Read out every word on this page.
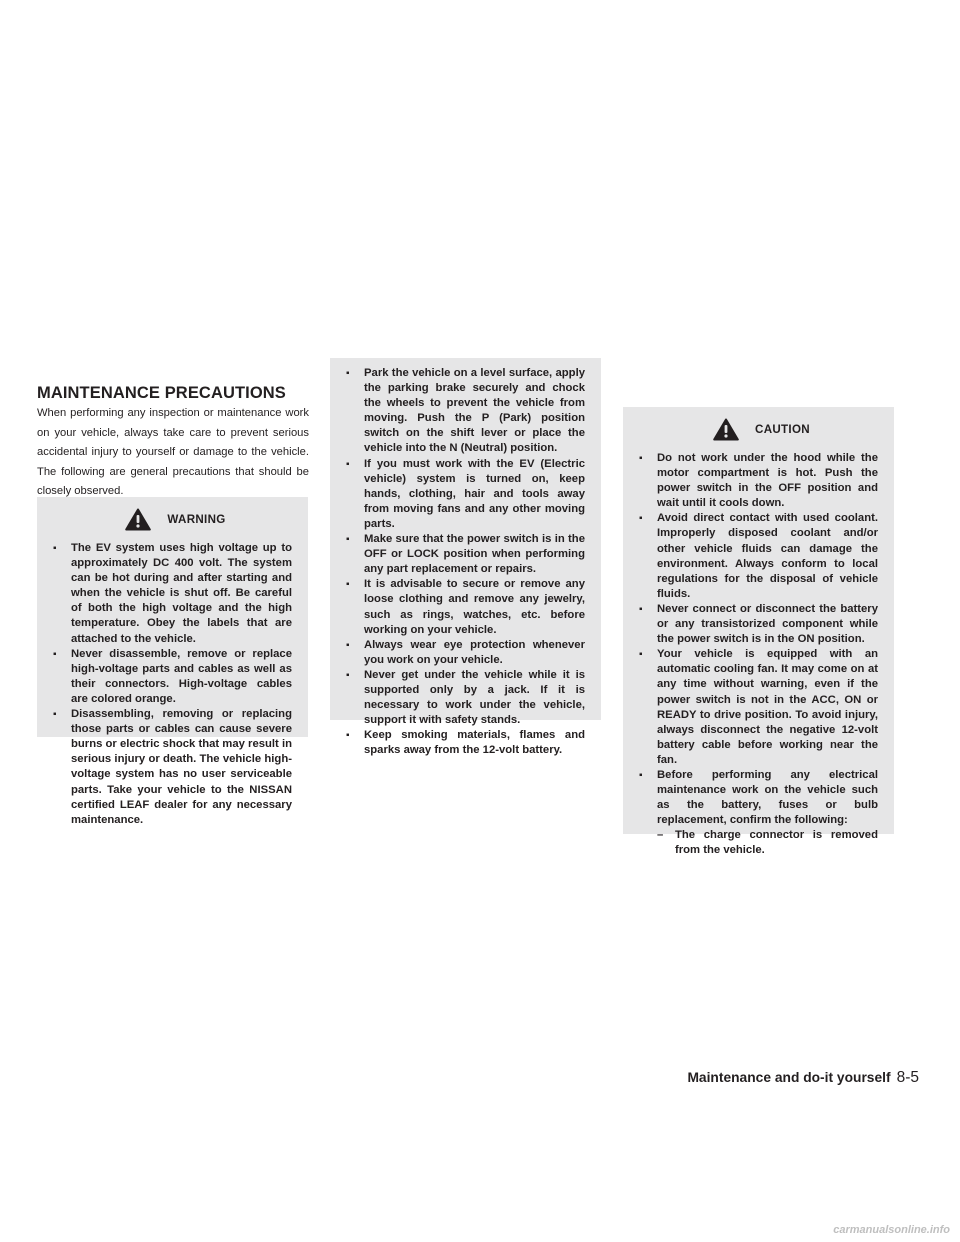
MAINTENANCE PRECAUTIONS

When performing any inspection or maintenance work on your vehicle, always take care to prevent serious accidental injury to yourself or damage to the vehicle. The following are general precautions that should be closely observed.

WARNING
▪ The EV system uses high voltage up to approximately DC 400 volt. The system can be hot during and after starting and when the vehicle is shut off. Be careful of both the high voltage and the high temperature. Obey the labels that are attached to the vehicle.
▪ Never disassemble, remove or replace high-voltage parts and cables as well as their connectors. High-voltage cables are colored orange.
▪ Disassembling, removing or replacing those parts or cables can cause severe burns or electric shock that may result in serious injury or death. The vehicle high-voltage system has no user serviceable parts. Take your vehicle to the NISSAN certified LEAF dealer for any necessary maintenance.
▪ Park the vehicle on a level surface, apply the parking brake securely and chock the wheels to prevent the vehicle from moving. Push the P (Park) position switch on the shift lever or place the vehicle into the N (Neutral) position.
▪ If you must work with the EV (Electric vehicle) system is turned on, keep hands, clothing, hair and tools away from moving fans and any other moving parts.
▪ Make sure that the power switch is in the OFF or LOCK position when performing any part replacement or repairs.
▪ It is advisable to secure or remove any loose clothing and remove any jewelry, such as rings, watches, etc. before working on your vehicle.
▪ Always wear eye protection whenever you work on your vehicle.
▪ Never get under the vehicle while it is supported only by a jack. If it is necessary to work under the vehicle, support it with safety stands.
▪ Keep smoking materials, flames and sparks away from the 12-volt battery.
CAUTION
▪ Do not work under the hood while the motor compartment is hot. Push the power switch in the OFF position and wait until it cools down.
▪ Avoid direct contact with used coolant. Improperly disposed coolant and/or other vehicle fluids can damage the environment. Always conform to local regulations for the disposal of vehicle fluids.
▪ Never connect or disconnect the battery or any transistorized component while the power switch is in the ON position.
▪ Your vehicle is equipped with an automatic cooling fan. It may come on at any time without warning, even if the power switch is not in the ACC, ON or READY to drive position. To avoid injury, always disconnect the negative 12-volt battery cable before working near the fan.
▪ Before performing any electrical maintenance work on the vehicle such as the battery, fuses or bulb replacement, confirm the following:
– The charge connector is removed from the vehicle.
Maintenance and do-it yourself 8-5
carmanualsonline.info
